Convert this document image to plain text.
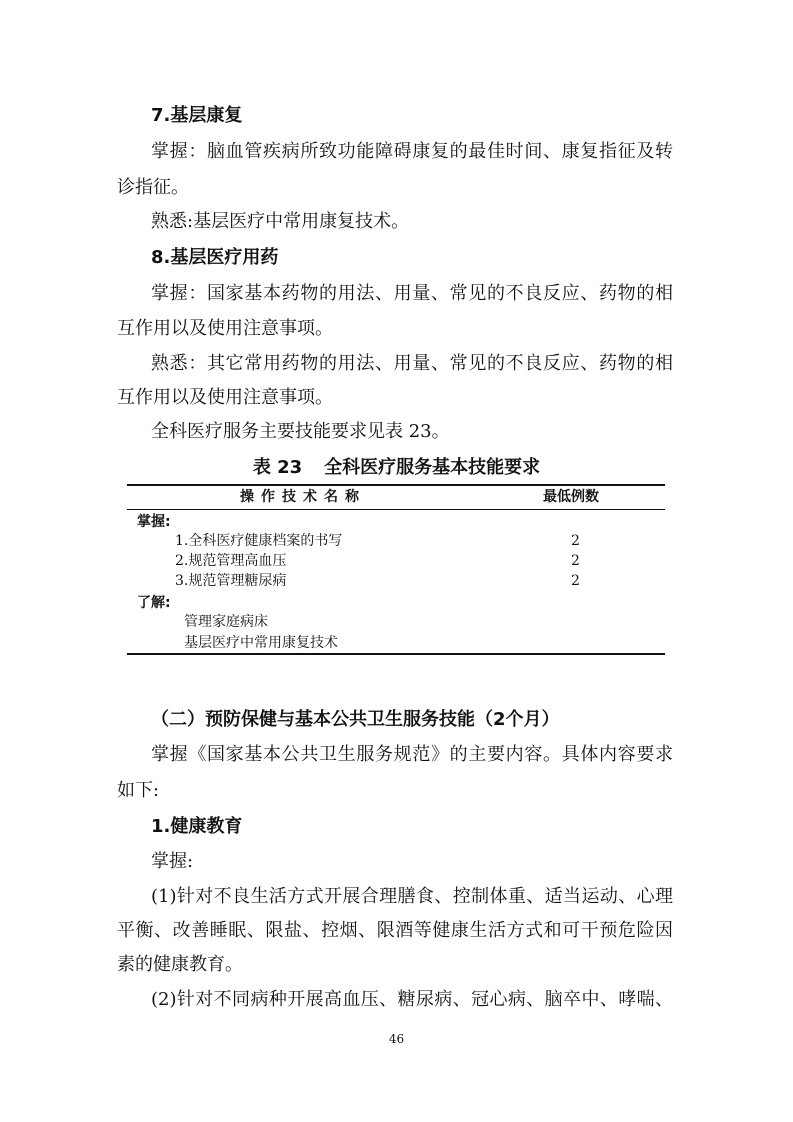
7.基层康复
掌握：脑血管疾病所致功能障碍康复的最佳时间、康复指征及转
诊指征。
熟悉:基层医疗中常用康复技术。
8.基层医疗用药
掌握：国家基本药物的用法、用量、常见的不良反应、药物的相
互作用以及使用注意事项。
熟悉：其它常用药物的用法、用量、常见的不良反应、药物的相
互作用以及使用注意事项。
全科医疗服务主要技能要求见表 23。
表 23 全科医疗服务基本技能要求
操作技术名称	最低例数
掌握:
1.全科医疗健康档案的书写	2
2.规范管理高血压	2
3.规范管理糖尿病	2
了解:
管理家庭病床
基层医疗中常用康复技术
（二）预防保健与基本公共卫生服务技能（2个月）
掌握《国家基本公共卫生服务规范》的主要内容。具体内容要求
如下:
1.健康教育
掌握:
(1)针对不良生活方式开展合理膳食、控制体重、适当运动、心理
平衡、改善睡眠、限盐、控烟、限酒等健康生活方式和可干预危险因
素的健康教育。
(2)针对不同病种开展高血压、糖尿病、冠心病、脑卒中、哮喘、
46
